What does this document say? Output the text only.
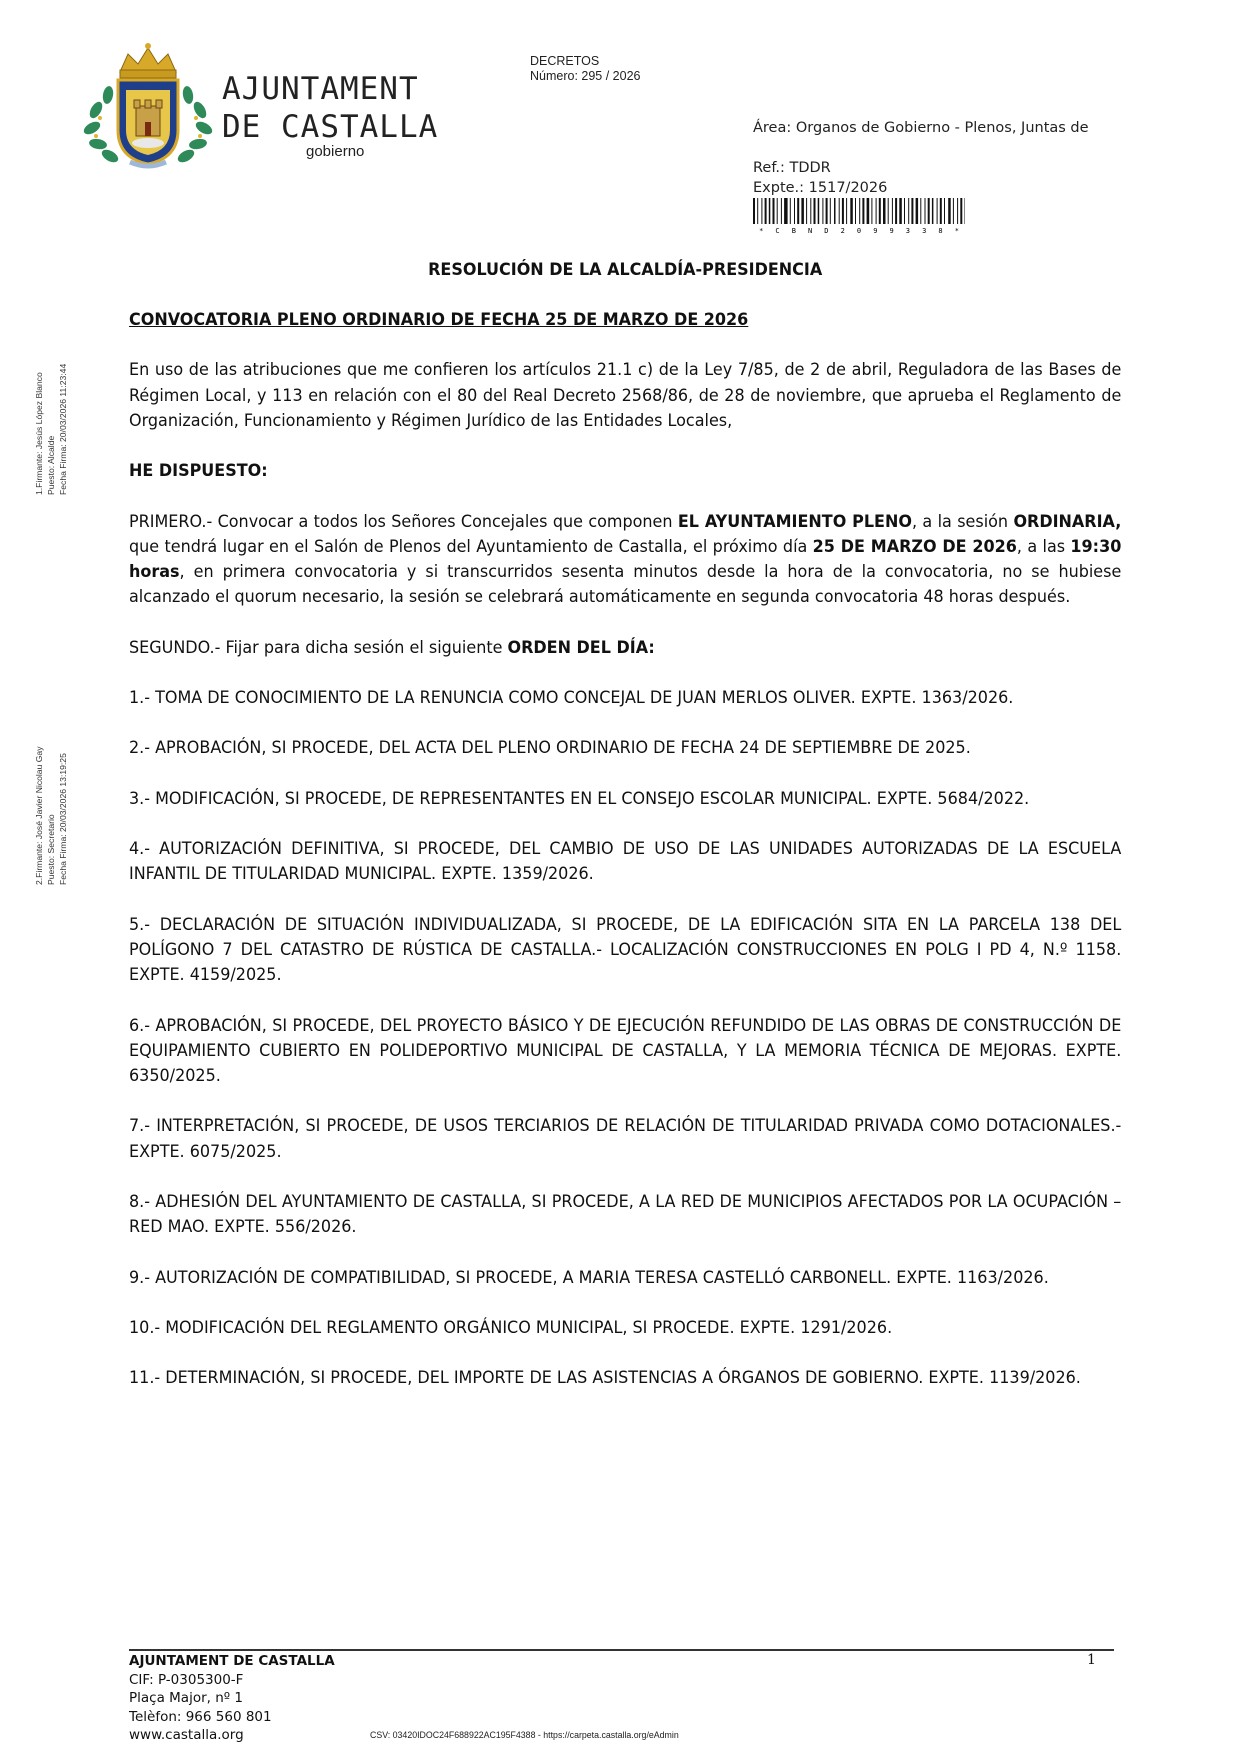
CASTALLA AJUNTAMENT
DE CASTALLA
gobierno
DECRETOS
Número: 295 / 2026
Área: Organos de Gobierno - Plenos, Juntas de
Ref.: TDDR
Expte.: 1517/2026
* C B N D 2 0 9 9 3 3 8 *
1.Firmante: Jesús López Blanco Puesto: Alcalde Fecha Firma: 20/03/2026 11:23:44
2.Firmante: José Javier Nicolau Gay Puesto: Secretario Fecha Firma: 20/03/2026 13:19:25

RESOLUCIÓN DE LA ALCALDÍA-PRESIDENCIA

CONVOCATORIA PLENO ORDINARIO DE FECHA 25 DE MARZO DE 2026

En uso de las atribuciones que me confieren los artículos 21.1 c) de la Ley 7/85, de 2 de abril, Reguladora de las Bases de Régimen Local, y 113 en relación con el 80 del Real Decreto 2568/86, de 28 de noviembre, que aprueba el Reglamento de Organización, Funcionamiento y Régimen Jurídico de las Entidades Locales,

HE DISPUESTO:

PRIMERO.- Convocar a todos los Señores Concejales que componen EL AYUNTAMIENTO PLENO, a la sesión ORDINARIA, que tendrá lugar en el Salón de Plenos del Ayuntamiento de Castalla, el próximo día 25 DE MARZO DE 2026, a las 19:30 horas, en primera convocatoria y si transcurridos sesenta minutos desde la hora de la convocatoria, no se hubiese alcanzado el quorum necesario, la sesión se celebrará automáticamente en segunda convocatoria 48 horas después.

SEGUNDO.- Fijar para dicha sesión el siguiente ORDEN DEL DÍA:

1.- TOMA DE CONOCIMIENTO DE LA RENUNCIA COMO CONCEJAL DE JUAN MERLOS OLIVER. EXPTE. 1363/2026.

2.- APROBACIÓN, SI PROCEDE, DEL ACTA DEL PLENO ORDINARIO DE FECHA 24 DE SEPTIEMBRE DE 2025.

3.- MODIFICACIÓN, SI PROCEDE, DE REPRESENTANTES EN EL CONSEJO ESCOLAR MUNICIPAL. EXPTE. 5684/2022.

4.- AUTORIZACIÓN DEFINITIVA, SI PROCEDE, DEL CAMBIO DE USO DE LAS UNIDADES AUTORIZADAS DE LA ESCUELA INFANTIL DE TITULARIDAD MUNICIPAL. EXPTE. 1359/2026.

5.- DECLARACIÓN DE SITUACIÓN INDIVIDUALIZADA, SI PROCEDE, DE LA EDIFICACIÓN SITA EN LA PARCELA 138 DEL POLÍGONO 7 DEL CATASTRO DE RÚSTICA DE CASTALLA.- LOCALIZACIÓN CONSTRUCCIONES EN POLG I PD 4, N.º 1158. EXPTE. 4159/2025.

6.- APROBACIÓN, SI PROCEDE, DEL PROYECTO BÁSICO Y DE EJECUCIÓN REFUNDIDO DE LAS OBRAS DE CONSTRUCCIÓN DE EQUIPAMIENTO CUBIERTO EN POLIDEPORTIVO MUNICIPAL DE CASTALLA, Y LA MEMORIA TÉCNICA DE MEJORAS. EXPTE. 6350/2025.

7.- INTERPRETACIÓN, SI PROCEDE, DE USOS TERCIARIOS DE RELACIÓN DE TITULARIDAD PRIVADA COMO DOTACIONALES.- EXPTE. 6075/2025.

8.- ADHESIÓN DEL AYUNTAMIENTO DE CASTALLA, SI PROCEDE, A LA RED DE MUNICIPIOS AFECTADOS POR LA OCUPACIÓN – RED MAO. EXPTE. 556/2026.

9.- AUTORIZACIÓN DE COMPATIBILIDAD, SI PROCEDE, A MARIA TERESA CASTELLÓ CARBONELL. EXPTE. 1163/2026.

10.- MODIFICACIÓN DEL REGLAMENTO ORGÁNICO MUNICIPAL, SI PROCEDE. EXPTE. 1291/2026.

11.- DETERMINACIÓN, SI PROCEDE, DEL IMPORTE DE LAS ASISTENCIAS A ÓRGANOS DE GOBIERNO. EXPTE. 1139/2026.

AJUNTAMENT DE CASTALLA
CIF: P-0305300-F
Plaça Major, nº 1
Telèfon: 966 560 801
www.castalla.org
1
CSV: 03420IDOC24F688922AC195F4388 - https://carpeta.castalla.org/eAdmin
